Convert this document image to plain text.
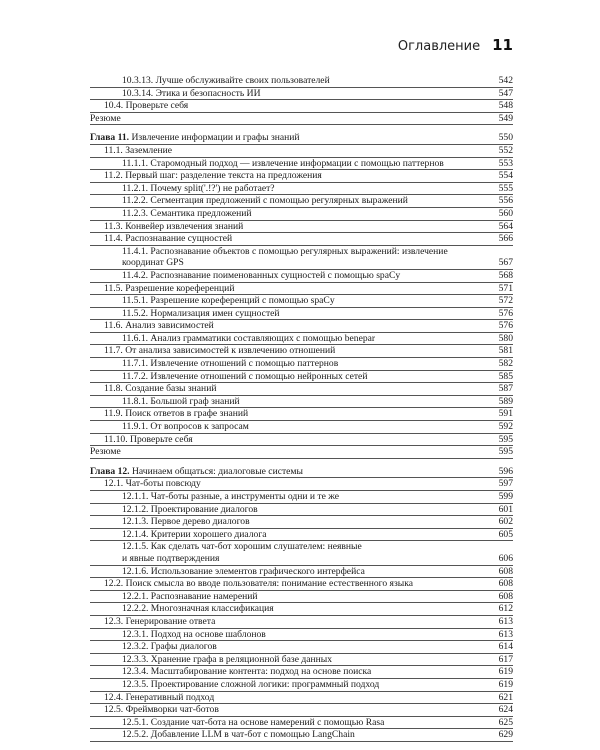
Оглавление 11
10.3.13. Лучше обслуживайте своих пользователей	542
10.3.14. Этика и безопасность ИИ	547
10.4. Проверьте себя	548
Резюме	549
Глава 11. Извлечение информации и графы знаний	550
11.1. Заземление	552
11.1.1. Старомодный подход — извлечение информации с помощью паттернов	553
11.2. Первый шаг: разделение текста на предложения	554
11.2.1. Почему split('.!?') не работает?	555
11.2.2. Сегментация предложений с помощью регулярных выражений	556
11.2.3. Семантика предложений	560
11.3. Конвейер извлечения знаний	564
11.4. Распознавание сущностей	566
11.4.1. Распознавание объектов с помощью регулярных выражений: извлечение
координат GPS	567
11.4.2. Распознавание поименованных сущностей с помощью spaCy	568
11.5. Разрешение кореференций	571
11.5.1. Разрешение кореференций с помощью spaCy	572
11.5.2. Нормализация имен сущностей	576
11.6. Анализ зависимостей	576
11.6.1. Анализ грамматики составляющих с помощью benepar	580
11.7. От анализа зависимостей к извлечению отношений	581
11.7.1. Извлечение отношений с помощью паттернов	582
11.7.2. Извлечение отношений с помощью нейронных сетей	585
11.8. Создание базы знаний	587
11.8.1. Большой граф знаний	589
11.9. Поиск ответов в графе знаний	591
11.9.1. От вопросов к запросам	592
11.10. Проверьте себя	595
Резюме	595
Глава 12. Начинаем общаться: диалоговые системы	596
12.1. Чат-боты повсюду	597
12.1.1. Чат-боты разные, а инструменты одни и те же	599
12.1.2. Проектирование диалогов	601
12.1.3. Первое дерево диалогов	602
12.1.4. Критерии хорошего диалога	605
12.1.5. Как сделать чат-бот хорошим слушателем: неявные
и явные подтверждения	606
12.1.6. Использование элементов графического интерфейса	608
12.2. Поиск смысла во вводе пользователя: понимание естественного языка	608
12.2.1. Распознавание намерений	608
12.2.2. Многозначная классификация	612
12.3. Генерирование ответа	613
12.3.1. Подход на основе шаблонов	613
12.3.2. Графы диалогов	614
12.3.3. Хранение графа в реляционной базе данных	617
12.3.4. Масштабирование контента: подход на основе поиска	619
12.3.5. Проектирование сложной логики: программный подход	619
12.4. Генеративный подход	621
12.5. Фреймворки чат-ботов	624
12.5.1. Создание чат-бота на основе намерений с помощью Rasa	625
12.5.2. Добавление LLM в чат-бот с помощью LangChain	629
